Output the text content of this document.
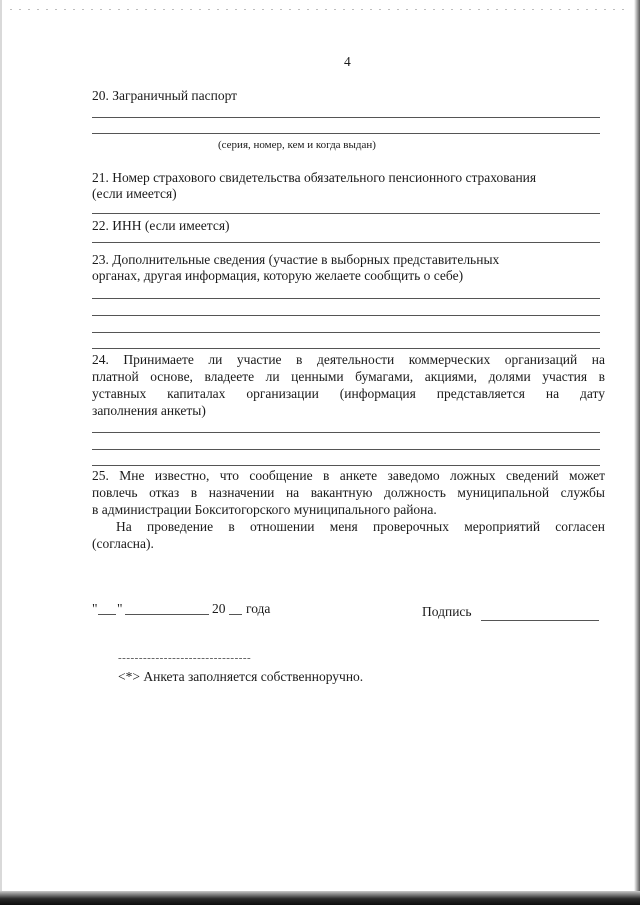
4
20. Заграничный паспорт
(серия, номер, кем и когда выдан)
21. Номер страхового свидетельства обязательного пенсионного страхования
(если имеется)
22. ИНН (если имеется)
23. Дополнительные сведения (участие в выборных представительных
органах, другая информация, которую желаете сообщить о себе)
24. Принимаете ли участие в деятельности коммерческих организаций на
платной основе, владеете ли ценными бумагами, акциями, долями участия в
уставных капиталах организации (информация представляется на дату
заполнения анкеты)
25. Мне известно, что сообщение в анкете заведомо ложных сведений может
повлечь отказ в назначении на вакантную должность муниципальной службы
в администрации Бокситогорского муниципального района.
На проведение в отношении меня проверочных мероприятий согласен
(согласна).
" "	20 года	Подпись
--------------------------------
<*> Анкета заполняется собственноручно.
